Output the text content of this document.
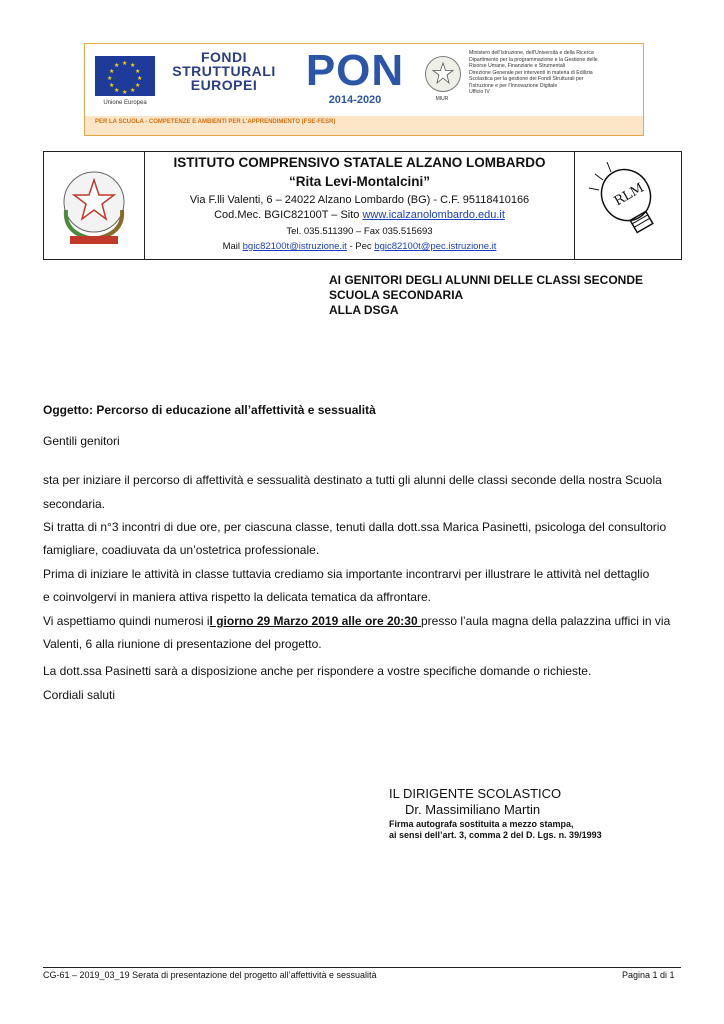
★ ★
★
★
★
★
★
★
★
★
★
★
Unione Europea
FONDI
STRUTTURALI
EUROPEI	PON
2014-2020	MIUR
Ministero dell'Istruzione, dell'Università e della Ricerca
Dipartimento per la programmazione e la Gestione delle
Risorse Umane, Finanziarie e Strumentali
Direzione Generale per interventi in materia di Edilizia
Scolastica per la gestione dei Fondi Strutturali per
l'Istruzione e per l'Innovazione Digitale
Ufficio IV
PER LA SCUOLA - COMPETENZE E AMBIENTI PER L'APPRENDIMENTO (FSE-FESR)
ISTITUTO COMPRENSIVO STATALE ALZANO LOMBARDO
“Rita Levi-Montalcini”
Via F.lli Valenti, 6 – 24022 Alzano Lombardo (BG) - C.F. 95118410166
Cod.Mec. BGIC82100T – Sito www.icalzanolombardo.edu.it
Tel. 035.511390 – Fax 035.515693
Mail bgic82100t@istruzione.it - Pec bgic82100t@pec.istruzione.it
RLM
AI GENITORI DEGLI ALUNNI DELLE CLASSI SECONDE
SCUOLA SECONDARIA
ALLA DSGA
Oggetto: Percorso di educazione all’affettività e sessualità
Gentili genitori
sta per iniziare il percorso di affettività e sessualità destinato a tutti gli alunni delle classi seconde della nostra Scuola
secondaria.
Si tratta di n°3 incontri di due ore, per ciascuna classe, tenuti dalla dott.ssa Marica Pasinetti, psicologa del consultorio
famigliare, coadiuvata da un’ostetrica professionale.
Prima di iniziare le attività in classe tuttavia crediamo sia importante incontrarvi per illustrare le attività nel dettaglio
e coinvolgervi in maniera attiva rispetto la delicata tematica da affrontare.
Vi aspettiamo quindi numerosi il giorno 29 Marzo 2019 alle ore 20:30 presso l’aula magna della palazzina uffici in via
Valenti, 6 alla riunione di presentazione del progetto.
La dott.ssa Pasinetti sarà a disposizione anche per rispondere a vostre specifiche domande o richieste.
Cordiali saluti
IL DIRIGENTE SCOLASTICO
Dr. Massimiliano Martin
Firma autografa sostituita a mezzo stampa,
ai sensi dell’art. 3, comma 2 del D. Lgs. n. 39/1993
CG-61 – 2019_03_19 Serata di presentazione del progetto all’affettività e sessualità	Pagina 1 di 1
